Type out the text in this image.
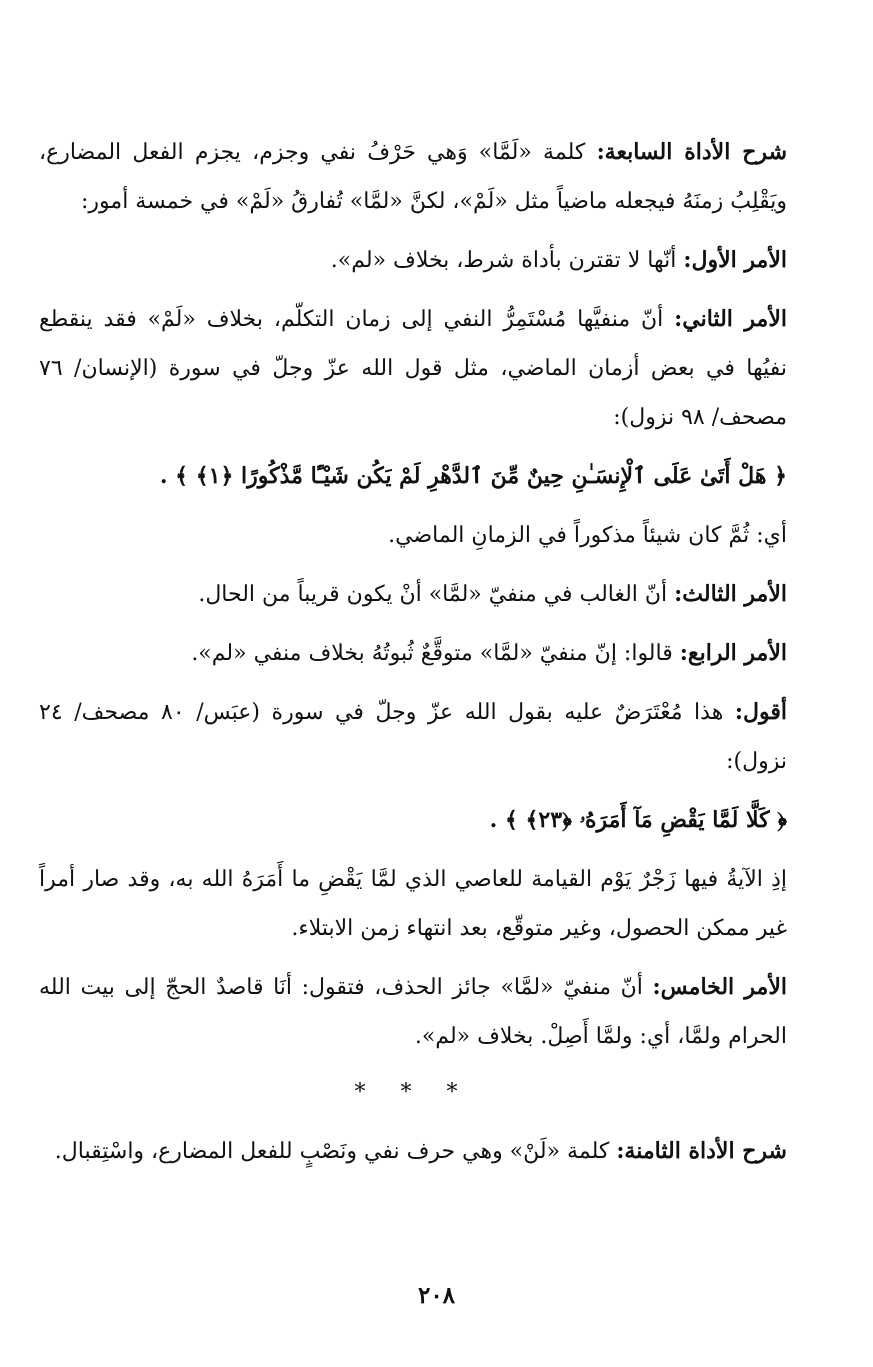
شرح الأداة السابعة: كلمة «لَمَّا» وَهي حَرْفُ نفي وجزم، يجزم الفعل المضارع، ويَقْلِبُ زمنَهُ فيجعله ماضياً مثل «لَمْ»، لكنَّ «لمَّا» تُفارقُ «لَمْ» في خمسة أمور:

الأمر الأول: أنّها لا تقترن بأداة شرط، بخلاف «لم».

الأمر الثاني: أنّ منفيَّها مُسْتَمِرُّ النفي إلى زمان التكلّم، بخلاف «لَمْ» فقد ينقطع نفيُها في بعض أزمان الماضي، مثل قول الله عزّ وجلّ في سورة (الإنسان/ ٧٦ مصحف/ ٩٨ نزول):

﴿ هَلْ أَتَىٰ عَلَى ٱلْإِنسَـٰنِ حِينٌ مِّنَ ٱلدَّهْرِ لَمْ يَكُن شَيْـًٔا مَّذْكُورًا ﴿١﴾ ﴾ .

أي: ثُمَّ كان شيئاً مذكوراً في الزمانِ الماضي.

الأمر الثالث: أنّ الغالب في منفيّ «لمَّا» أنْ يكون قريباً من الحال.

الأمر الرابع: قالوا: إنّ منفيّ «لمَّا» متوقَّعٌ ثُبوتُهُ بخلاف منفي «لم».

أقول: هذا مُعْتَرَضٌ عليه بقول الله عزّ وجلّ في سورة (عبَس/ ٨٠ مصحف/ ٢٤ نزول):

﴿ كَلَّا لَمَّا يَقْضِ مَآ أَمَرَهُۥ ﴿٢٣﴾ ﴾ .

إذِ الآيةُ فيها زَجْرٌ يَوْم القيامة للعاصي الذي لمَّا يَقْضِ ما أَمَرَهُ الله به، وقد صار أمراً غير ممكن الحصول، وغير متوقّع، بعد انتهاء زمن الابتلاء.

الأمر الخامس: أنّ منفيّ «لمَّا» جائز الحذف، فتقول: أنَا قاصدٌ الحجّ إلى بيت الله الحرام ولمَّا، أي: ولمَّا أَصِلْ. بخلاف «لم».

* * *

شرح الأداة الثامنة: كلمة «لَنْ» وهي حرف نفي ونَصْبٍ للفعل المضارع، واسْتِقبال.

٢٠٨
